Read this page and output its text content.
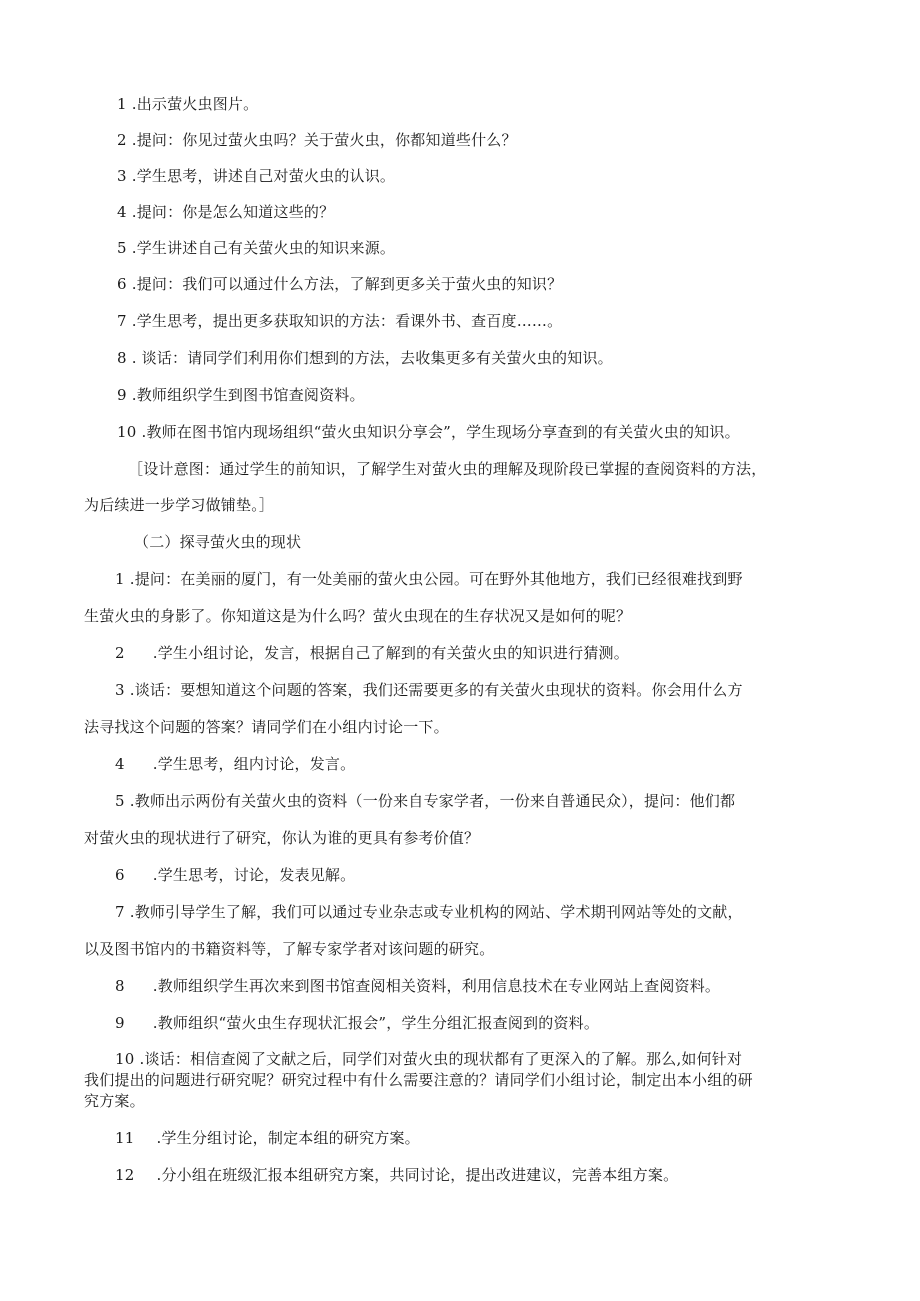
1 .出示萤火虫图片。
2 .提问：你见过萤火虫吗？关于萤火虫，你都知道些什么？
3 .学生思考，讲述自己对萤火虫的认识。
4 .提问：你是怎么知道这些的？
5 .学生讲述自己有关萤火虫的知识来源。
6 .提问：我们可以通过什么方法，了解到更多关于萤火虫的知识？
7 .学生思考，提出更多获取知识的方法：看课外书、查百度……。
8 . 谈话：请同学们利用你们想到的方法，去收集更多有关萤火虫的知识。
9 .教师组织学生到图书馆查阅资料。
10 .教师在图书馆内现场组织“萤火虫知识分享会”，学生现场分享查到的有关萤火虫的知识。
［设计意图：通过学生的前知识，了解学生对萤火虫的理解及现阶段已掌握的查阅资料的方法，
为后续进一步学习做铺垫。］
（二）探寻萤火虫的现状
1 .提问：在美丽的厦门，有一处美丽的萤火虫公园。可在野外其他地方，我们已经很难找到野
生萤火虫的身影了。你知道这是为什么吗？萤火虫现在的生存状况又是如何的呢？
2 .学生小组讨论，发言，根据自己了解到的有关萤火虫的知识进行猜测。
3 .谈话：要想知道这个问题的答案，我们还需要更多的有关萤火虫现状的资料。你会用什么方
法寻找这个问题的答案？请同学们在小组内讨论一下。
4 .学生思考，组内讨论，发言。
5 .教师出示两份有关萤火虫的资料（一份来自专家学者，一份来自普通民众），提问：他们都
对萤火虫的现状进行了研究，你认为谁的更具有参考价值？
6 .学生思考，讨论，发表见解。
7 .教师引导学生了解，我们可以通过专业杂志或专业机构的网站、学术期刊网站等处的文献，
以及图书馆内的书籍资料等，了解专家学者对该问题的研究。
8 .教师组织学生再次来到图书馆查阅相关资料，利用信息技术在专业网站上查阅资料。
9 .教师组织“萤火虫生存现状汇报会”，学生分组汇报查阅到的资料。
10 .谈话：相信查阅了文献之后，同学们对萤火虫的现状都有了更深入的了解。那么,如何针对
我们提出的问题进行研究呢？研究过程中有什么需要注意的？请同学们小组讨论，制定出本小组的研
究方案。
11 .学生分组讨论，制定本组的研究方案。
12 .分小组在班级汇报本组研究方案，共同讨论，提出改进建议，完善本组方案。
